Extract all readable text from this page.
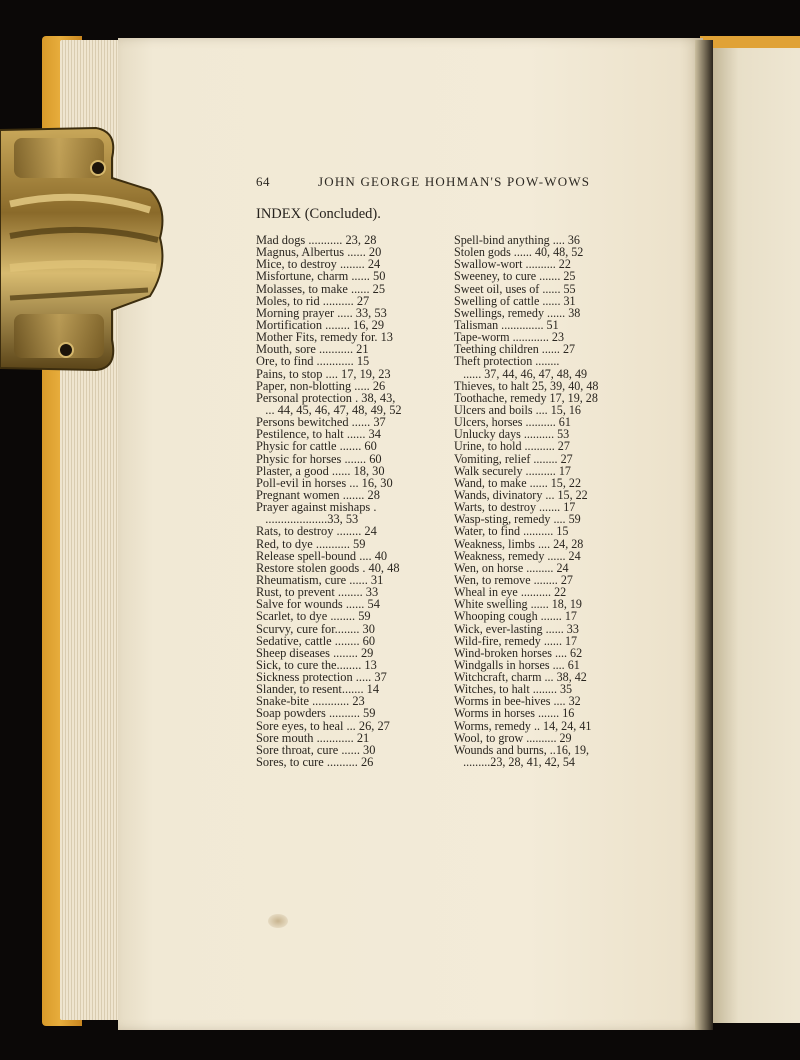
64	JOHN GEORGE HOHMAN'S POW-WOWS
INDEX (Concluded).
Mad dogs ........... 23, 28
Magnus, Albertus ...... 20
Mice, to destroy ........ 24
Misfortune, charm ...... 50
Molasses, to make ...... 25
Moles, to rid .......... 27
Morning prayer ..... 33, 53
Mortification ........ 16, 29
Mother Fits, remedy for. 13
Mouth, sore ........... 21
Ore, to find ............ 15
Pains, to stop .... 17, 19, 23
Paper, non-blotting ..... 26
Personal protection . 38, 43,
... 44, 45, 46, 47, 48, 49, 52
Persons bewitched ...... 37
Pestilence, to halt ...... 34
Physic for cattle ....... 60
Physic for horses ....... 60
Plaster, a good ...... 18, 30
Poll-evil in horses ... 16, 30
Pregnant women ....... 28
Prayer against mishaps .
....................33, 53
Rats, to destroy ........ 24
Red, to dye ........... 59
Release spell-bound .... 40
Restore stolen goods . 40, 48
Rheumatism, cure ...... 31
Rust, to prevent ........ 33
Salve for wounds ...... 54
Scarlet, to dye ........ 59
Scurvy, cure for........ 30
Sedative, cattle ........ 60
Sheep diseases ........ 29
Sick, to cure the........ 13
Sickness protection ..... 37
Slander, to resent....... 14
Snake-bite ............ 23
Soap powders .......... 59
Sore eyes, to heal ... 26, 27
Sore mouth ............ 21
Sore throat, cure ...... 30
Sores, to cure .......... 26
Spell-bind anything .... 36
Stolen gods ...... 40, 48, 52
Swallow-wort .......... 22
Sweeney, to cure ....... 25
Sweet oil, uses of ...... 55
Swelling of cattle ...... 31
Swellings, remedy ...... 38
Talisman .............. 51
Tape-worm ............ 23
Teething children ...... 27
Theft protection ........
...... 37, 44, 46, 47, 48, 49
Thieves, to halt 25, 39, 40, 48
Toothache, remedy 17, 19, 28
Ulcers and boils .... 15, 16
Ulcers, horses .......... 61
Unlucky days .......... 53
Urine, to hold .......... 27
Vomiting, relief ........ 27
Walk securely .......... 17
Wand, to make ...... 15, 22
Wands, divinatory ... 15, 22
Warts, to destroy ....... 17
Wasp-sting, remedy .... 59
Water, to find .......... 15
Weakness, limbs .... 24, 28
Weakness, remedy ...... 24
Wen, on horse ......... 24
Wen, to remove ........ 27
Wheal in eye .......... 22
White swelling ...... 18, 19
Whooping cough ....... 17
Wick, ever-lasting ...... 33
Wild-fire, remedy ...... 17
Wind-broken horses .... 62
Windgalls in horses .... 61
Witchcraft, charm ... 38, 42
Witches, to halt ........ 35
Worms in bee-hives .... 32
Worms in horses ....... 16
Worms, remedy .. 14, 24, 41
Wool, to grow .......... 29
Wounds and burns, ..16, 19,
.........23, 28, 41, 42, 54
